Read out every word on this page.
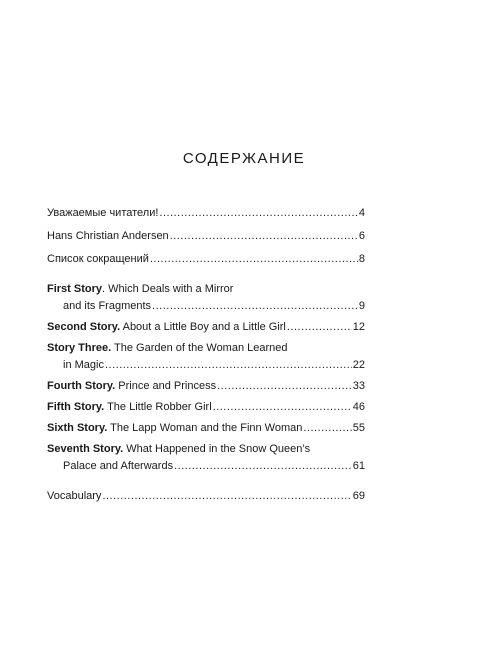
СОДЕРЖАНИЕ
Уважаемые читатели! .....	4
Hans Christian Andersen .....	6
Список сокращений .....	8
First Story. Which Deals with a Mirror
and its Fragments .....	9
Second Story. About a Little Boy and a Little Girl .....	12
Story Three. The Garden of the Woman Learned
in Magic .....	22
Fourth Story. Prince and Princess .....	33
Fifth Story. The Little Robber Girl .....	46
Sixth Story. The Lapp Woman and the Finn Woman .....	55
Seventh Story. What Happened in the Snow Queen’s
Palace and Afterwards .....	61
Vocabulary .....	69
